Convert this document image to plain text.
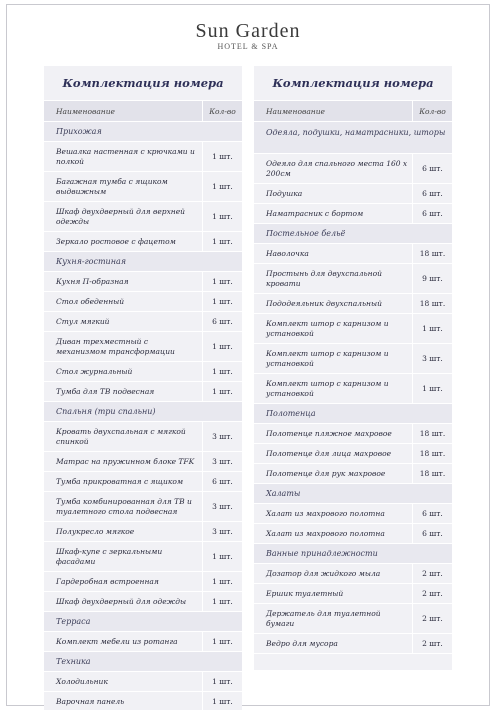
Sun Garden
HOTEL & SPA
Комплектация номера
Наименование	Кол-во
Прихожая
Вешалка настенная с крючками и полкой	1 шт.
Багажная тумба с ящиком выдвижным	1 шт.
Шкаф двухдверный для верхней одежды	1 шт.
Зеркало ростовое с фацетом	1 шт.
Кухня-гостиная
Кухня П-образная	1 шт.
Стол обеденный	1 шт.
Стул мягкий	6 шт.
Диван трехместный с механизмом трансформации	1 шт.
Стол журнальный	1 шт.
Тумба для ТВ подвесная	1 шт.
Спальня (три спальни)
Кровать двухспальная с мягкой спинкой	3 шт.
Матрас на пружинном блоке TFK	3 шт.
Тумба прикроватная с ящиком	6 шт.
Тумба комбинированная для ТВ и туалетного стола подвесная	3 шт.
Полукресло мягкое	3 шт.
Шкаф-купе с зеркальными фасадами	1 шт.
Гардеробная встроенная	1 шт.
Шкаф двухдверный для одежды	1 шт.
Терраса
Комплект мебели из ротанга	1 шт.
Техника
Холодильник	1 шт.
Варочная панель	1 шт.
Комплектация номера
Наименование	Кол-во
Одеяла, подушки, наматрасники, шторы
Одеяло для спального места 160 х 200см	6 шт.
Подушка	6 шт.
Наматрасник с бортом	6 шт.
Постельное бельё
Наволочка	18 шт.
Простынь для двухспальной кровати	9 шт.
Пододеяльник двухспальный	18 шт.
Комплект штор с карнизом и установкой	1 шт.
Комплект штор с карнизом и установкой	3 шт.
Комплект штор с карнизом и установкой	1 шт.
Полотенца
Полотенце пляжное махровое	18 шт.
Полотенце для лица махровое	18 шт.
Полотенце для рук махровое	18 шт.
Халаты
Халат из махрового полотна	6 шт.
Халат из махрового полотна	6 шт.
Ванные принадлежности
Дозатор для жидкого мыла	2 шт.
Ершик туалетный	2 шт.
Держатель для туалетной бумаги	2 шт.
Ведро для мусора	2 шт.
